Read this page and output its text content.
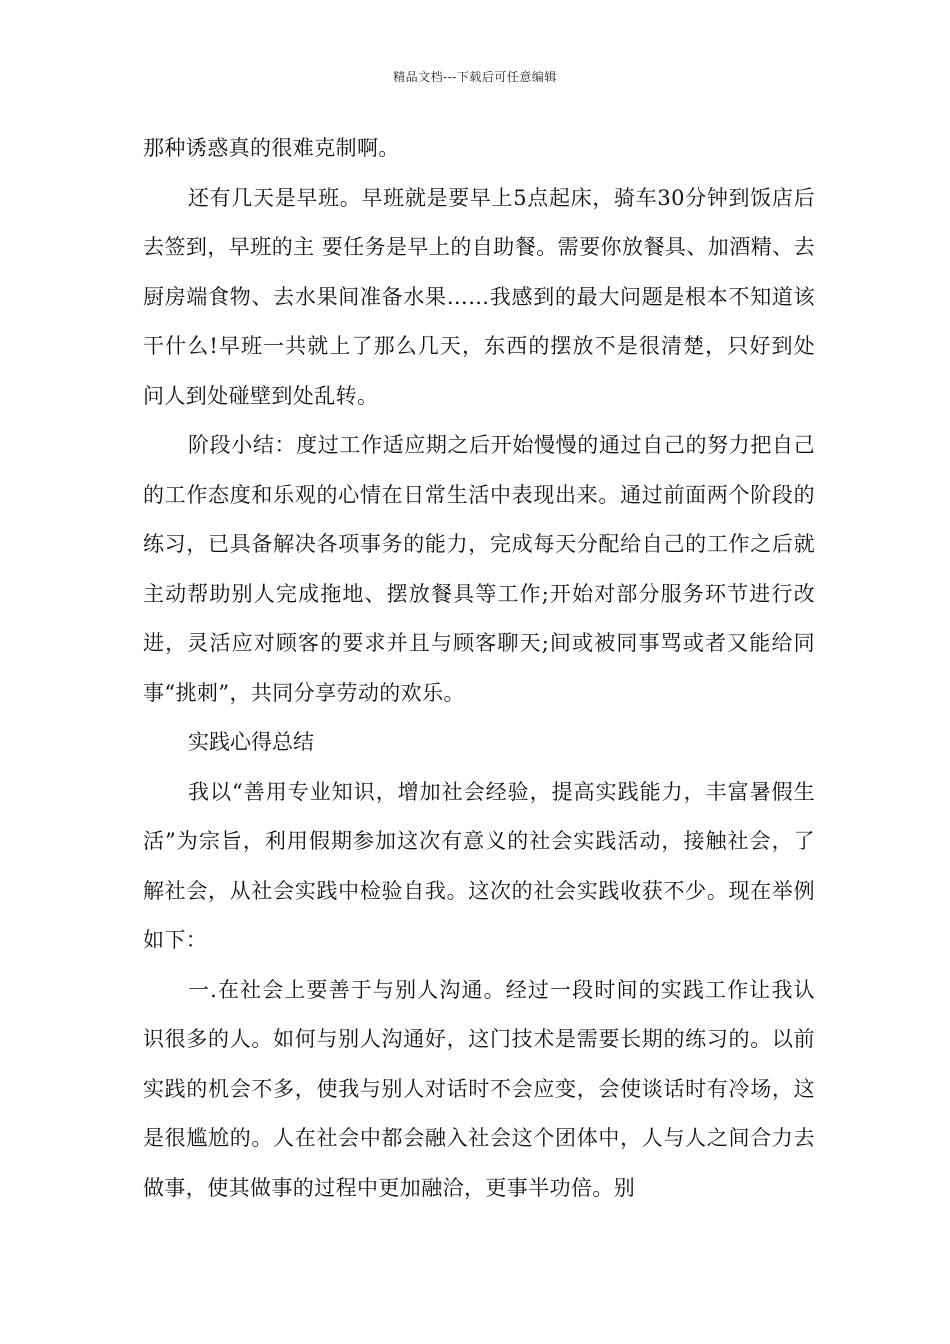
精品文档---下载后可任意编辑

那种诱惑真的很难克制啊。

还有几天是早班。早班就是要早上5点起床，骑车30分钟到饭店后去签到，早班的主 要任务是早上的自助餐。需要你放餐具、加酒精、去厨房端食物、去水果间准备水果……我感到的最大问题是根本不知道该干什么!早班一共就上了那么几天，东西的摆放不是很清楚，只好到处问人到处碰壁到处乱转。

阶段小结：度过工作适应期之后开始慢慢的通过自己的努力把自己的工作态度和乐观的心情在日常生活中表现出来。通过前面两个阶段的练习，已具备解决各项事务的能力，完成每天分配给自己的工作之后就主动帮助别人完成拖地、摆放餐具等工作;开始对部分服务环节进行改进，灵活应对顾客的要求并且与顾客聊天;间或被同事骂或者又能给同事“挑刺”，共同分享劳动的欢乐。

实践心得总结

我以“善用专业知识，增加社会经验，提高实践能力，丰富暑假生活”为宗旨，利用假期参加这次有意义的社会实践活动，接触社会，了解社会，从社会实践中检验自我。这次的社会实践收获不少。现在举例如下：

一.在社会上要善于与别人沟通。经过一段时间的实践工作让我认识很多的人。如何与别人沟通好，这门技术是需要长期的练习的。以前实践的机会不多，使我与别人对话时不会应变，会使谈话时有冷场，这是很尴尬的。人在社会中都会融入社会这个团体中，人与人之间合力去做事，使其做事的过程中更加融洽，更事半功倍。别
